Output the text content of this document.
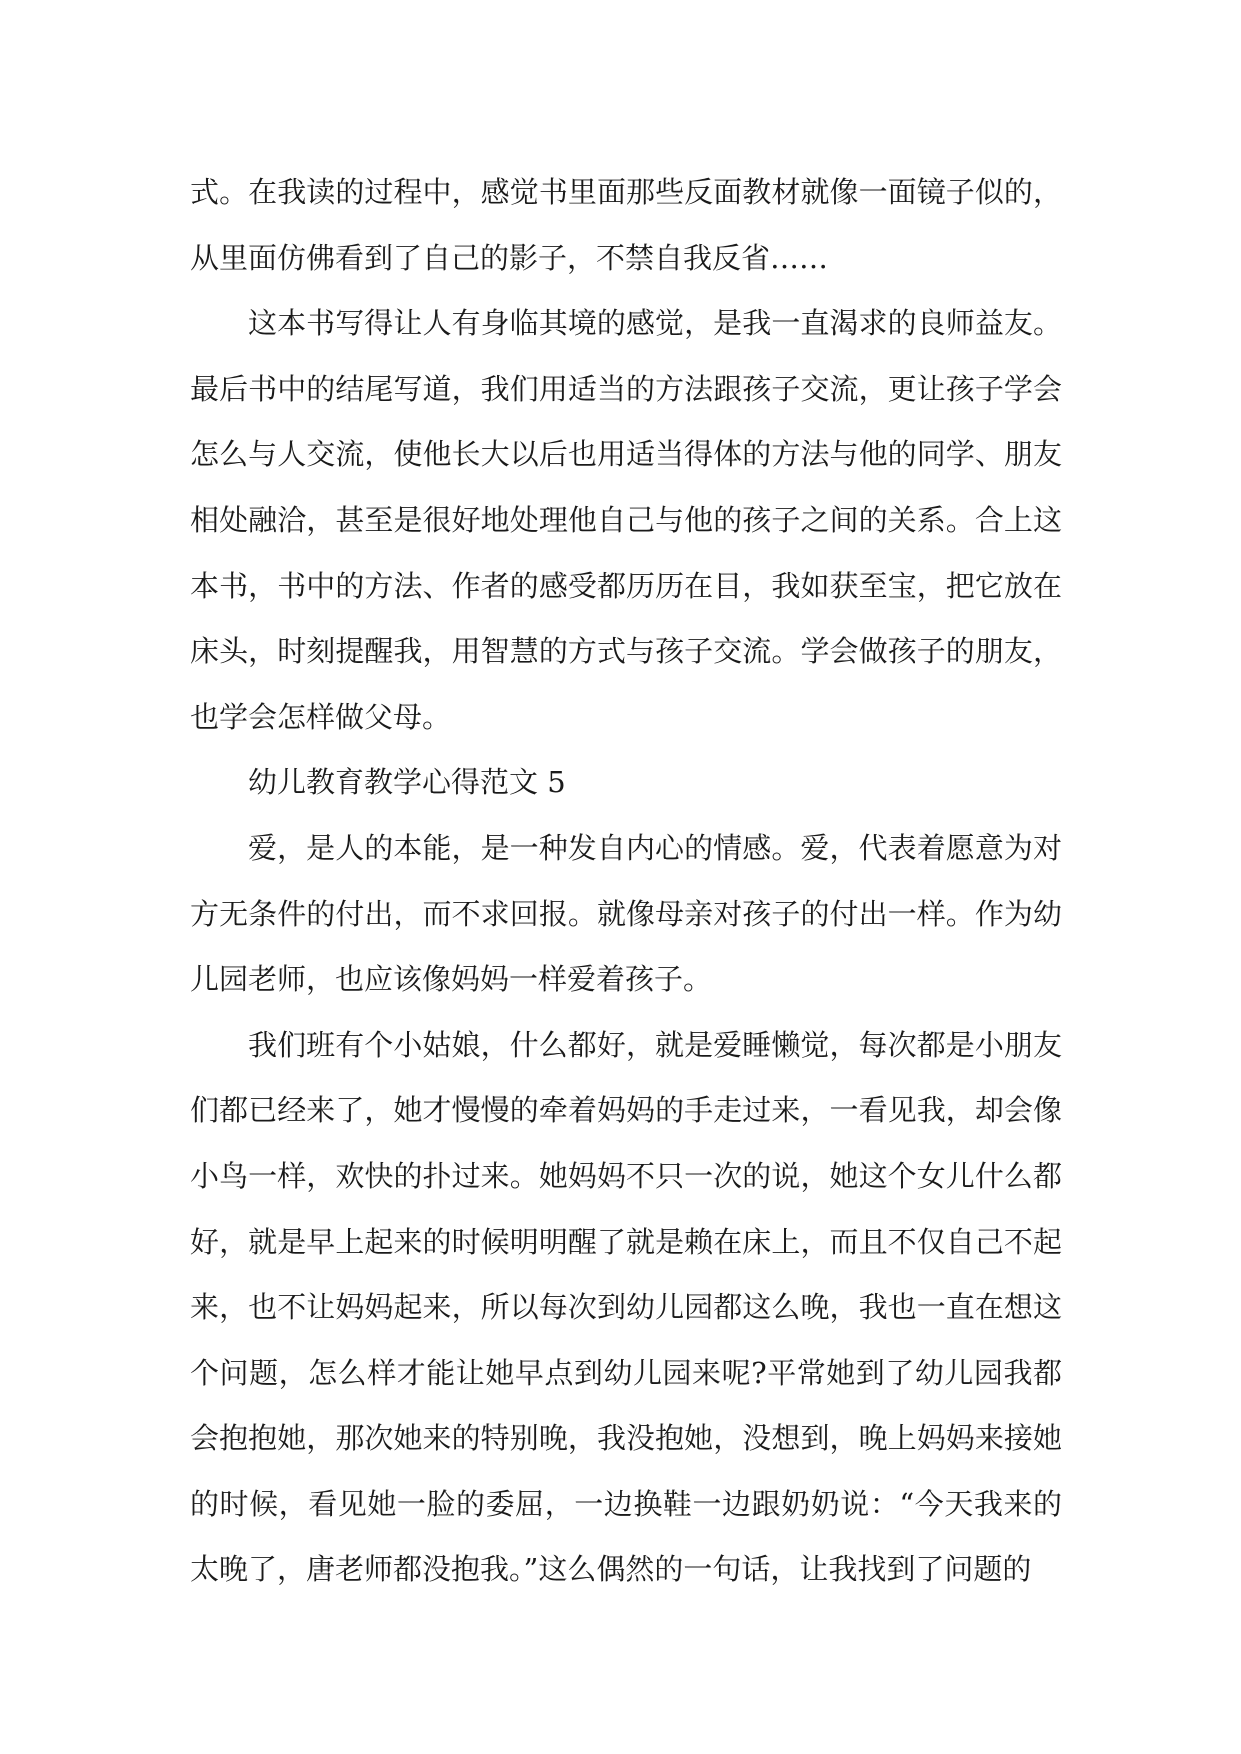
式。在我读的过程中，感觉书里面那些反面教材就像一面镜子似的，从里面仿佛看到了自己的影子，不禁自我反省……

这本书写得让人有身临其境的感觉，是我一直渴求的良师益友。最后书中的结尾写道，我们用适当的方法跟孩子交流，更让孩子学会怎么与人交流，使他长大以后也用适当得体的方法与他的同学、朋友相处融洽，甚至是很好地处理他自己与他的孩子之间的关系。合上这本书，书中的方法、作者的感受都历历在目，我如获至宝，把它放在床头，时刻提醒我，用智慧的方式与孩子交流。学会做孩子的朋友，也学会怎样做父母。

幼儿教育教学心得范文 5

爱，是人的本能，是一种发自内心的情感。爱，代表着愿意为对方无条件的付出，而不求回报。就像母亲对孩子的付出一样。作为幼儿园老师，也应该像妈妈一样爱着孩子。

我们班有个小姑娘，什么都好，就是爱睡懒觉，每次都是小朋友们都已经来了，她才慢慢的牵着妈妈的手走过来，一看见我，却会像小鸟一样，欢快的扑过来。她妈妈不只一次的说，她这个女儿什么都好，就是早上起来的时候明明醒了就是赖在床上，而且不仅自己不起来，也不让妈妈起来，所以每次到幼儿园都这么晚，我也一直在想这个问题，怎么样才能让她早点到幼儿园来呢?平常她到了幼儿园我都会抱抱她，那次她来的特别晚，我没抱她，没想到，晚上妈妈来接她的时候，看见她一脸的委屈，一边换鞋一边跟奶奶说：“今天我来的太晚了，唐老师都没抱我。”这么偶然的一句话，让我找到了问题的
